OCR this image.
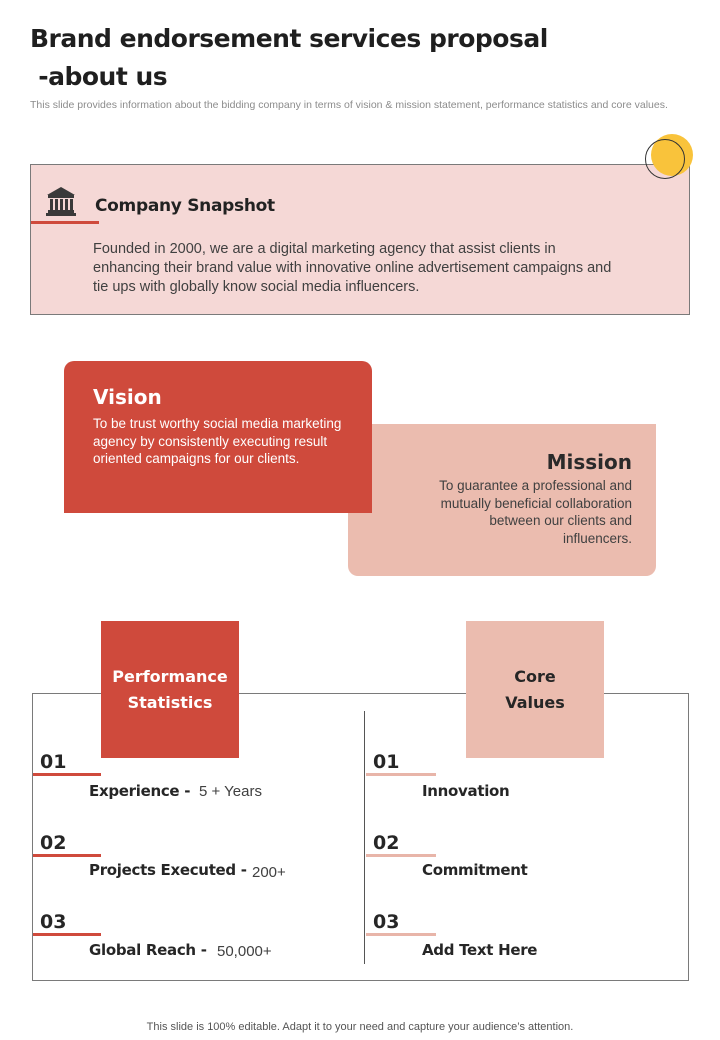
Brand endorsement services proposal
-about us

This slide provides information about the bidding company in terms of vision & mission statement, performance statistics and core values.

Company Snapshot

Founded in 2000, we are a digital marketing agency that assist clients in enhancing their brand value with innovative online advertisement campaigns and tie ups with globally know social media influencers.

Vision

To be trust worthy social media marketing agency by consistently executing result oriented campaigns for our clients.	Mission

To guarantee a professional and mutually beneficial collaboration between our clients and influencers.

Performance
Statistics
Core
Values

01

Experience - 5 + Years

02

Projects Executed - 200+

03

Global Reach - 50,000+

01

Innovation

02

Commitment

03

Add Text Here

This slide is 100% editable. Adapt it to your need and capture your audience’s attention.
